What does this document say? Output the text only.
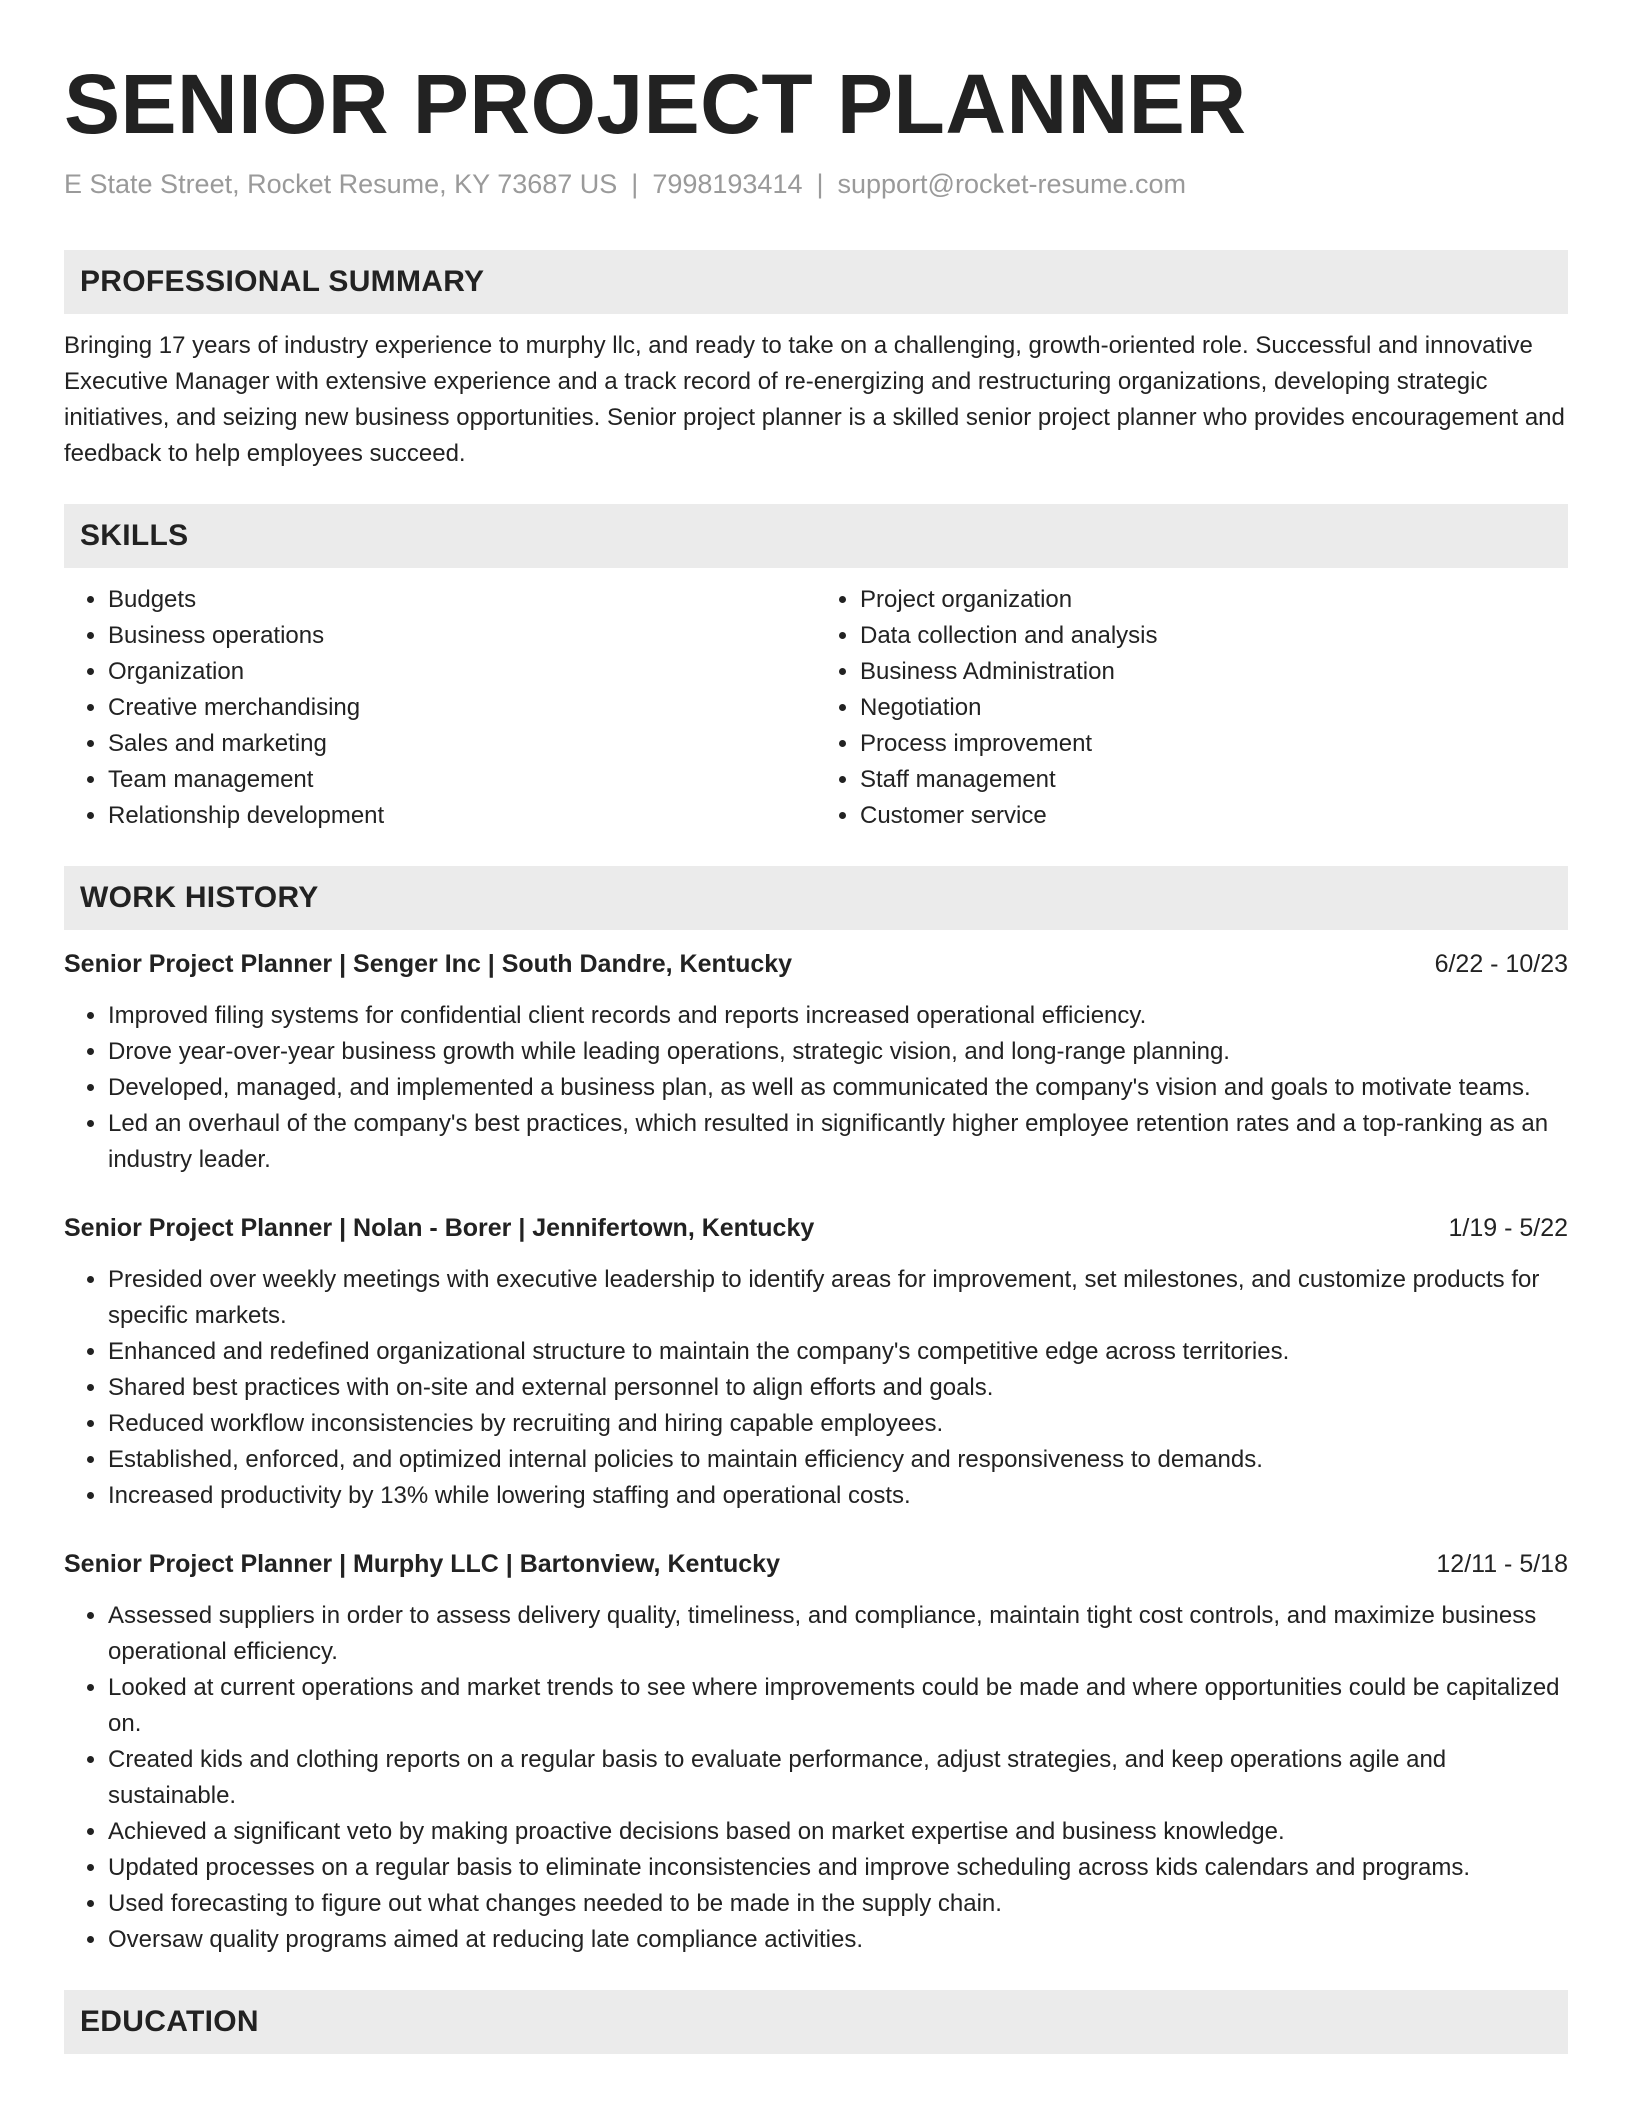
SENIOR PROJECT PLANNER
E State Street, Rocket Resume, KY 73687 US | 7998193414 | support@rocket-resume.com
PROFESSIONAL SUMMARY
Bringing 17 years of industry experience to murphy llc, and ready to take on a challenging, growth-oriented role. Successful and innovative Executive Manager with extensive experience and a track record of re-energizing and restructuring organizations, developing strategic initiatives, and seizing new business opportunities. Senior project planner is a skilled senior project planner who provides encouragement and feedback to help employees succeed.
SKILLS
• Budgets
• Business operations
• Organization
• Creative merchandising
• Sales and marketing
• Team management
• Relationship development
• Project organization
• Data collection and analysis
• Business Administration
• Negotiation
• Process improvement
• Staff management
• Customer service
WORK HISTORY
Senior Project Planner | Senger Inc | South Dandre, Kentucky	6/22 - 10/23
• Improved filing systems for confidential client records and reports increased operational efficiency.
• Drove year-over-year business growth while leading operations, strategic vision, and long-range planning.
• Developed, managed, and implemented a business plan, as well as communicated the company's vision and goals to motivate teams.
• Led an overhaul of the company's best practices, which resulted in significantly higher employee retention rates and a top-ranking as an industry leader.
Senior Project Planner | Nolan - Borer | Jennifertown, Kentucky	1/19 - 5/22
• Presided over weekly meetings with executive leadership to identify areas for improvement, set milestones, and customize products for specific markets.
• Enhanced and redefined organizational structure to maintain the company's competitive edge across territories.
• Shared best practices with on-site and external personnel to align efforts and goals.
• Reduced workflow inconsistencies by recruiting and hiring capable employees.
• Established, enforced, and optimized internal policies to maintain efficiency and responsiveness to demands.
• Increased productivity by 13% while lowering staffing and operational costs.
Senior Project Planner | Murphy LLC | Bartonview, Kentucky	12/11 - 5/18
• Assessed suppliers in order to assess delivery quality, timeliness, and compliance, maintain tight cost controls, and maximize business operational efficiency.
• Looked at current operations and market trends to see where improvements could be made and where opportunities could be capitalized on.
• Created kids and clothing reports on a regular basis to evaluate performance, adjust strategies, and keep operations agile and sustainable.
• Achieved a significant veto by making proactive decisions based on market expertise and business knowledge.
• Updated processes on a regular basis to eliminate inconsistencies and improve scheduling across kids calendars and programs.
• Used forecasting to figure out what changes needed to be made in the supply chain.
• Oversaw quality programs aimed at reducing late compliance activities.
EDUCATION
